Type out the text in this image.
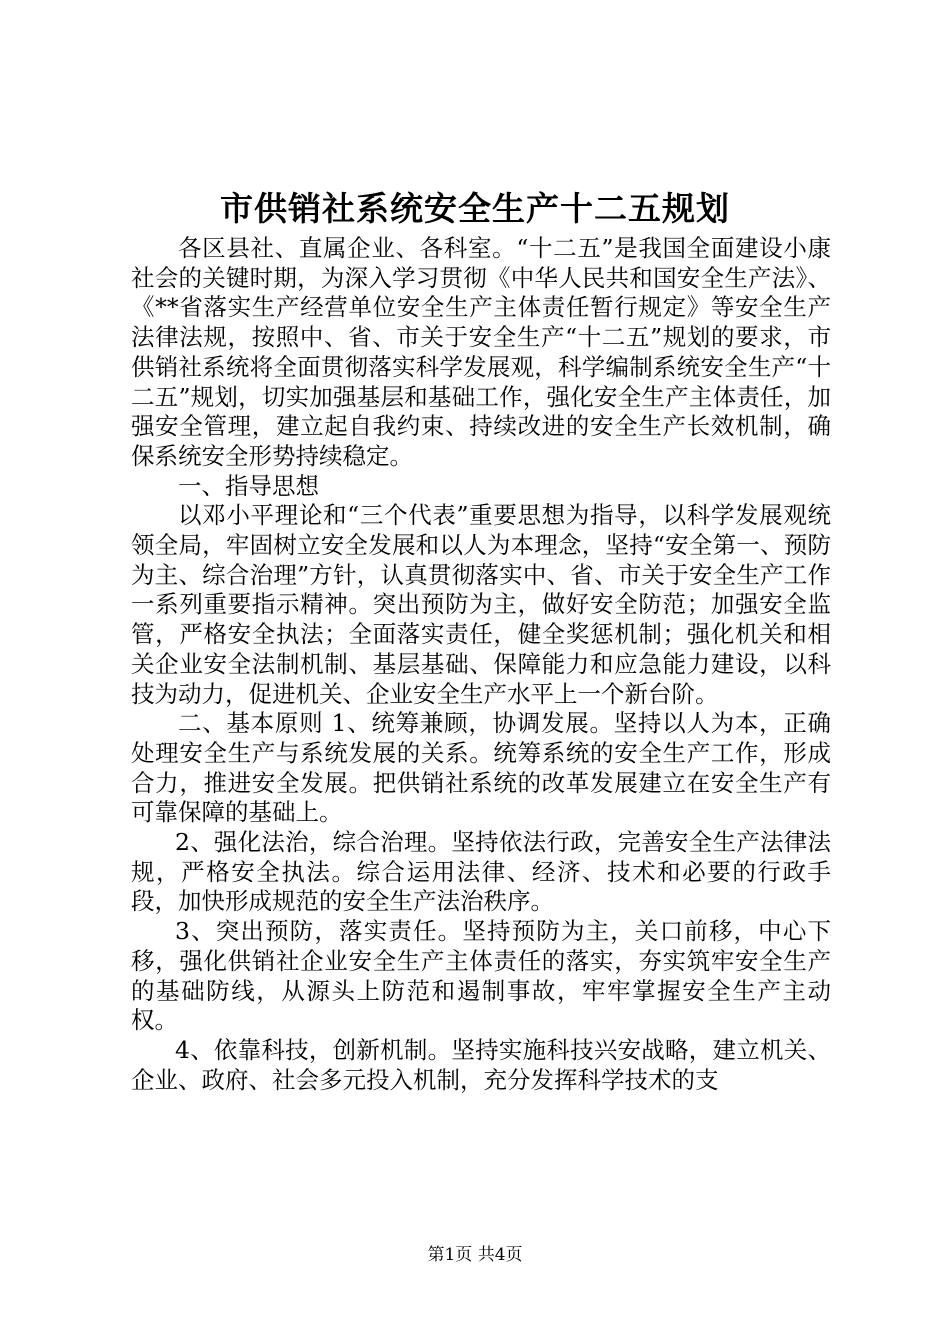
市供销社系统安全生产十二五规划

各区县社、直属企业、各科室。“十二五”是我国全面建设小康社会的关键时期，为深入学习贯彻《中华人民共和国安全生产法》、《**省落实生产经营单位安全生产主体责任暂行规定》等安全生产法律法规，按照中、省、市关于安全生产“十二五”规划的要求，市供销社系统将全面贯彻落实科学发展观，科学编制系统安全生产“十二五”规划，切实加强基层和基础工作，强化安全生产主体责任，加强安全管理，建立起自我约束、持续改进的安全生产长效机制，确保系统安全形势持续稳定。

一、指导思想

以邓小平理论和“三个代表”重要思想为指导，以科学发展观统领全局，牢固树立安全发展和以人为本理念，坚持“安全第一、预防为主、综合治理”方针，认真贯彻落实中、省、市关于安全生产工作一系列重要指示精神。突出预防为主，做好安全防范；加强安全监管，严格安全执法；全面落实责任，健全奖惩机制；强化机关和相关企业安全法制机制、基层基础、保障能力和应急能力建设，以科技为动力，促进机关、企业安全生产水平上一个新台阶。

二、基本原则 1、统筹兼顾，协调发展。坚持以人为本，正确处理安全生产与系统发展的关系。统筹系统的安全生产工作，形成合力，推进安全发展。把供销社系统的改革发展建立在安全生产有可靠保障的基础上。

2、强化法治，综合治理。坚持依法行政，完善安全生产法律法规，严格安全执法。综合运用法律、经济、技术和必要的行政手段，加快形成规范的安全生产法治秩序。

3、突出预防，落实责任。坚持预防为主，关口前移，中心下移，强化供销社企业安全生产主体责任的落实，夯实筑牢安全生产的基础防线，从源头上防范和遏制事故，牢牢掌握安全生产主动权。

4、依靠科技，创新机制。坚持实施科技兴安战略，建立机关、企业、政府、社会多元投入机制，充分发挥科学技术的支

第1页 共4页
